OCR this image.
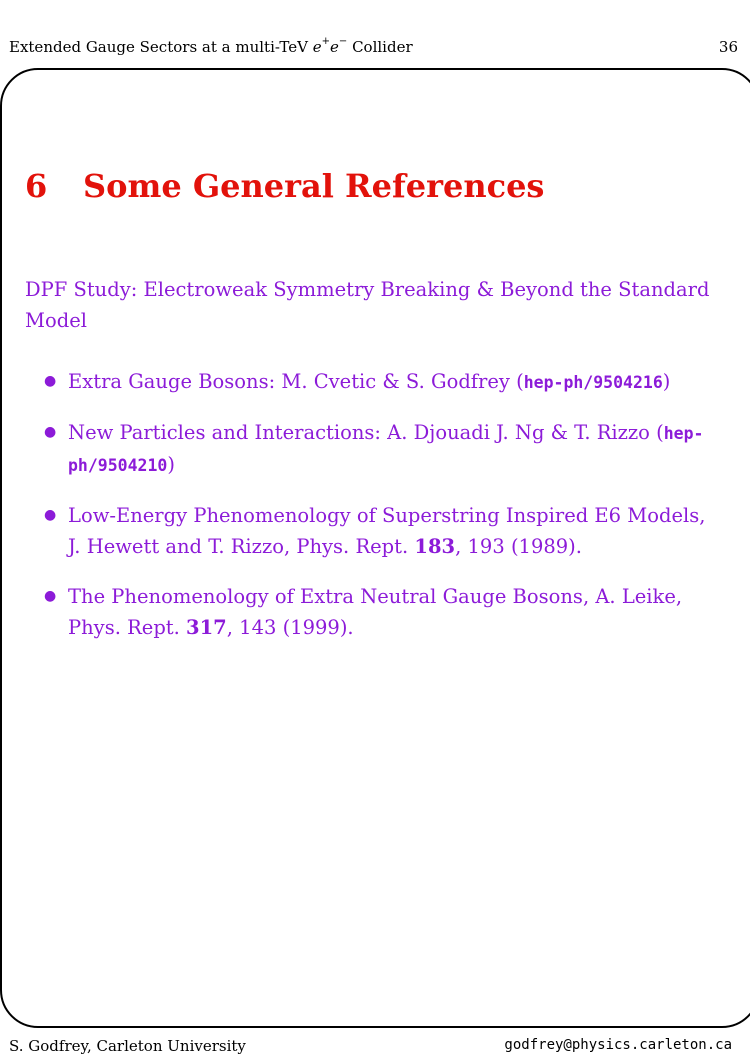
Extended Gauge Sectors at a multi-TeV e+e− Collider	36
6 Some General References

DPF Study: Electroweak Symmetry Breaking & Beyond the Standard Model

● Extra Gauge Bosons: M. Cvetic & S. Godfrey (hep-ph/9504216)
● New Particles and Interactions: A. Djouadi J. Ng & T. Rizzo (hep-ph/9504210)
● Low-Energy Phenomenology of Superstring Inspired E6 Models, J. Hewett and T. Rizzo, Phys. Rept. 183, 193 (1989).
● The Phenomenology of Extra Neutral Gauge Bosons, A. Leike, Phys. Rept. 317, 143 (1999).
S. Godfrey, Carleton University	godfrey@physics.carleton.ca
